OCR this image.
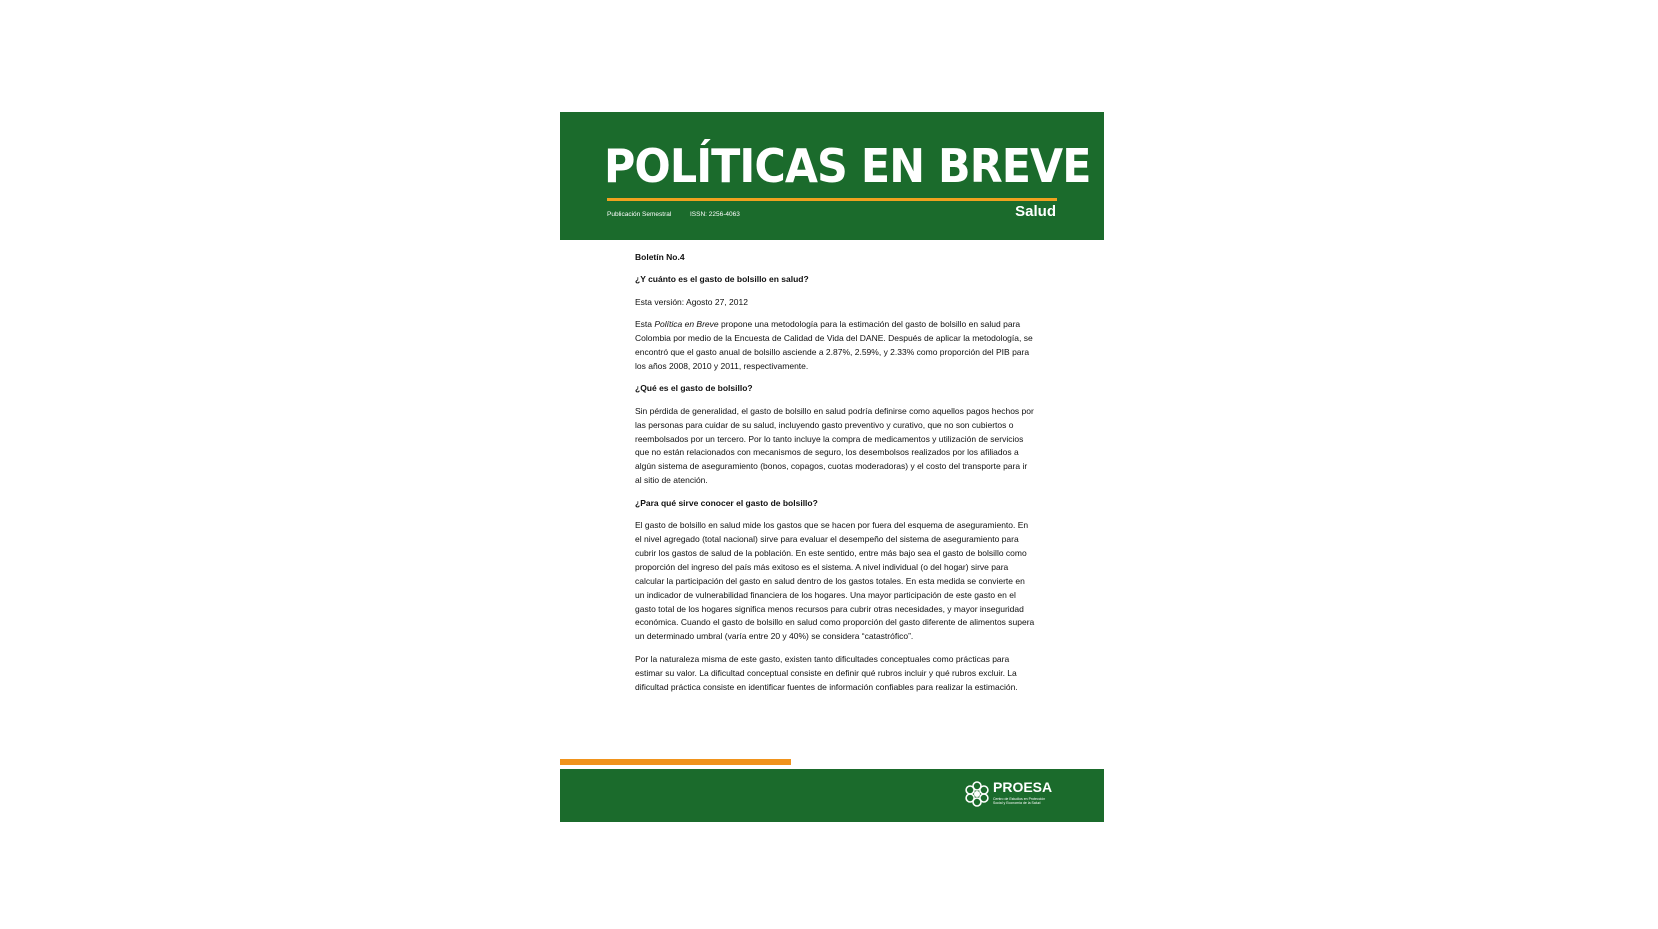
POLÍTICAS EN BREVE
Publicación Semestral	ISSN: 2256-4063	Salud

Boletín No.4

¿Y cuánto es el gasto de bolsillo en salud?

Esta versión: Agosto 27, 2012

Esta Política en Breve propone una metodología para la estimación del gasto de bolsillo en salud para Colombia por medio de la Encuesta de Calidad de Vida del DANE. Después de aplicar la metodología, se encontró que el gasto anual de bolsillo asciende a 2.87%, 2.59%, y 2.33% como proporción del PIB para los años 2008, 2010 y 2011, respectivamente.

¿Qué es el gasto de bolsillo?

Sin pérdida de generalidad, el gasto de bolsillo en salud podría definirse como aquellos pagos hechos por las personas para cuidar de su salud, incluyendo gasto preventivo y curativo, que no son cubiertos o reembolsados por un tercero. Por lo tanto incluye la compra de medicamentos y utilización de servicios que no están relacionados con mecanismos de seguro, los desembolsos realizados por los afiliados a algún sistema de aseguramiento (bonos, copagos, cuotas moderadoras) y el costo del transporte para ir al sitio de atención.

¿Para qué sirve conocer el gasto de bolsillo?

El gasto de bolsillo en salud mide los gastos que se hacen por fuera del esquema de aseguramiento. En el nivel agregado (total nacional) sirve para evaluar el desempeño del sistema de aseguramiento para cubrir los gastos de salud de la población. En este sentido, entre más bajo sea el gasto de bolsillo como proporción del ingreso del país más exitoso es el sistema. A nivel individual (o del hogar) sirve para calcular la participación del gasto en salud dentro de los gastos totales. En esta medida se convierte en un indicador de vulnerabilidad financiera de los hogares. Una mayor participación de este gasto en el gasto total de los hogares significa menos recursos para cubrir otras necesidades, y mayor inseguridad económica. Cuando el gasto de bolsillo en salud como proporción del gasto diferente de alimentos supera un determinado umbral (varía entre 20 y 40%) se considera “catastrófico”.

Por la naturaleza misma de este gasto, existen tanto dificultades conceptuales como prácticas para estimar su valor. La dificultad conceptual consiste en definir qué rubros incluir y qué rubros excluir. La dificultad práctica consiste en identificar fuentes de información confiables para realizar la estimación.

PROESA
Centro de Estudios en Protección Social y Economía de la Salud
